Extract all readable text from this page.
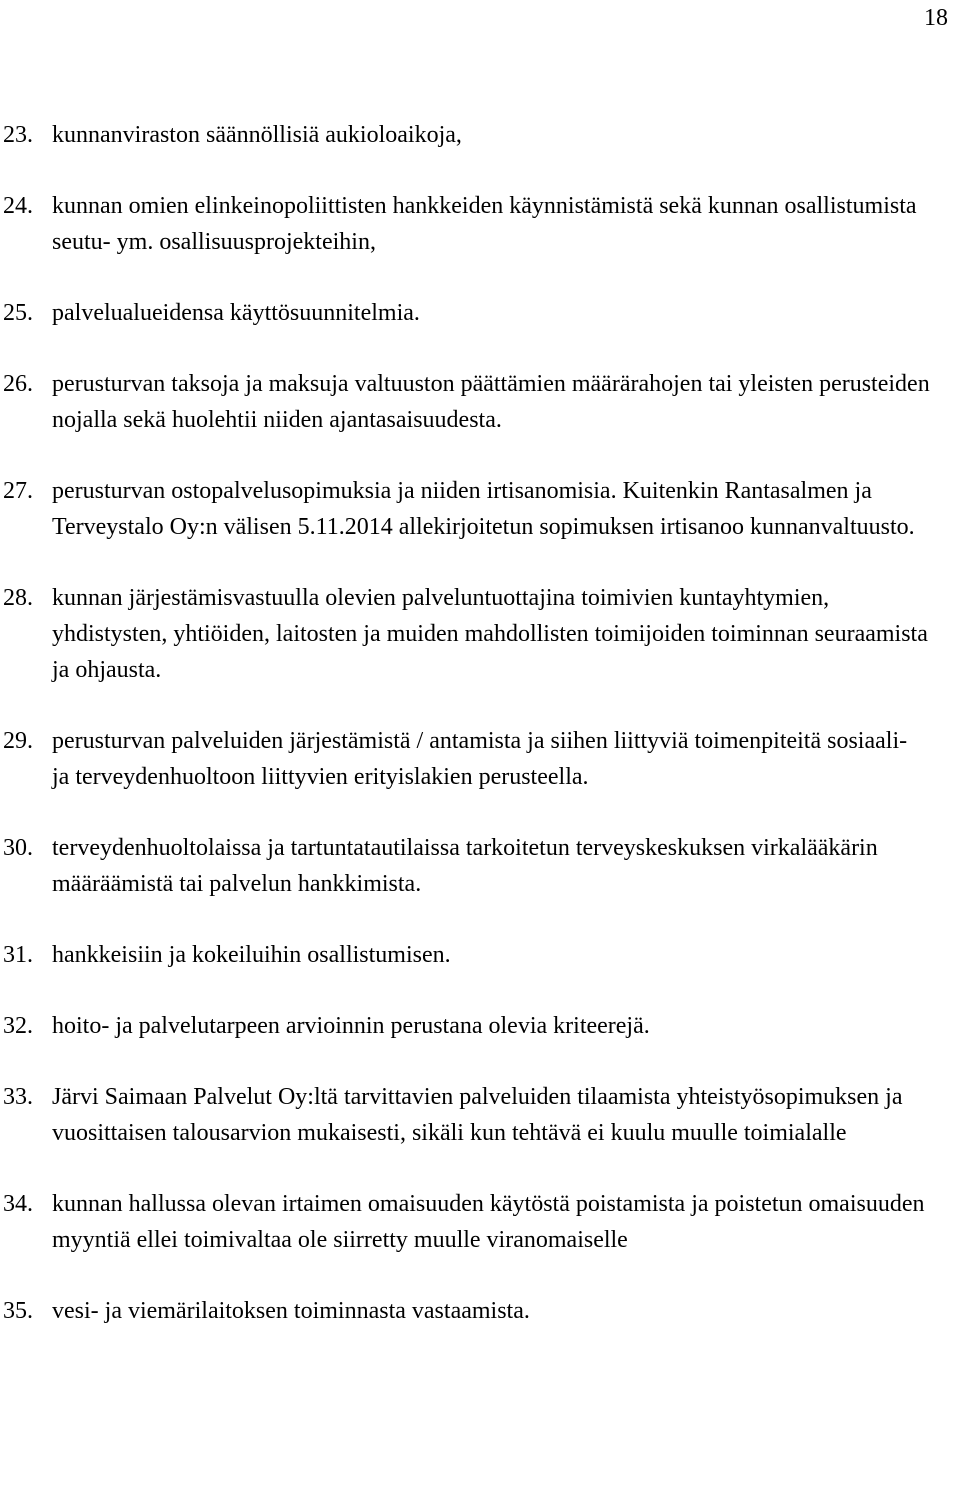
18
23. kunnanviraston säännöllisiä aukioloaikoja,
24. kunnan omien elinkeinopoliittisten hankkeiden käynnistämistä sekä kunnan osallistumista seutu- ym. osallisuusprojekteihin,
25. palvelualueidensa käyttösuunnitelmia.
26. perusturvan taksoja ja maksuja valtuuston päättämien määrärahojen tai yleisten perusteiden nojalla sekä huolehtii niiden ajantasaisuudesta.
27. perusturvan ostopalvelusopimuksia ja niiden irtisanomisia. Kuitenkin Rantasalmen ja Terveystalo Oy:n välisen 5.11.2014 allekirjoitetun sopimuksen irtisanoo kunnanvaltuusto.
28. kunnan järjestämisvastuulla olevien palveluntuottajina toimivien kuntayhtymien, yhdistysten, yhtiöiden, laitosten ja muiden mahdollisten toimijoiden toiminnan seuraamista ja ohjausta.
29. perusturvan palveluiden järjestämistä / antamista ja siihen liittyviä toimenpiteitä sosiaali- ja terveydenhuoltoon liittyvien erityislakien perusteella.
30. terveydenhuoltolaissa ja tartuntatautilaissa tarkoitetun terveyskeskuksen virkalääkärin määräämistä tai palvelun hankkimista.
31. hankkeisiin ja kokeiluihin osallistumisen.
32. hoito- ja palvelutarpeen arvioinnin perustana olevia kriteerejä.
33. Järvi Saimaan Palvelut Oy:ltä tarvittavien palveluiden tilaamista yhteistyösopimuksen ja vuosittaisen talousarvion mukaisesti, sikäli kun tehtävä ei kuulu muulle toimialalle
34. kunnan hallussa olevan irtaimen omaisuuden käytöstä poistamista ja poistetun omaisuuden myyntiä ellei toimivaltaa ole siirretty muulle viranomaiselle
35. vesi- ja viemärilaitoksen toiminnasta vastaamista.
